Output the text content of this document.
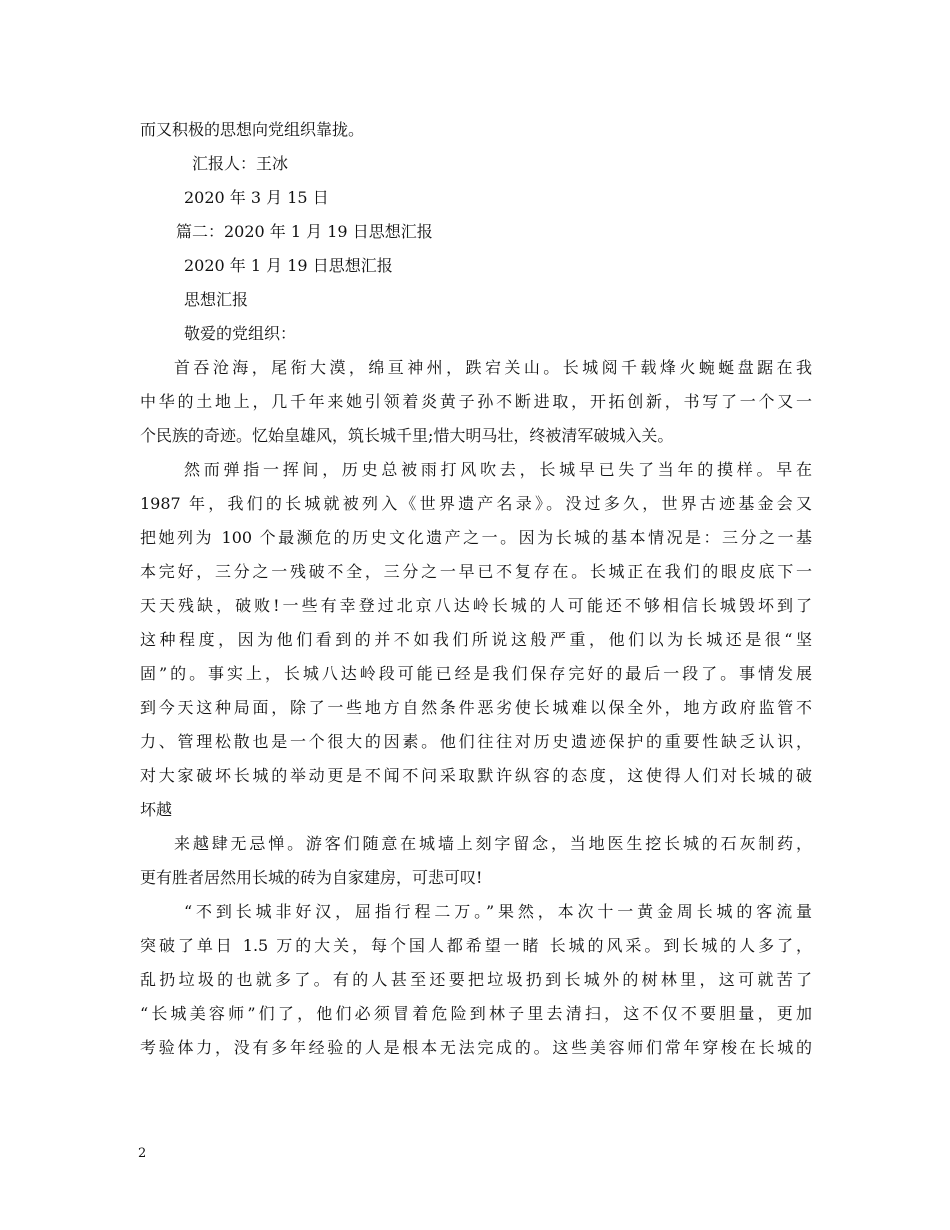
而又积极的思想向党组织靠拢。
汇报人：王冰
2020 年 3 月 15 日
篇二：2020 年 1 月 19 日思想汇报
2020 年 1 月 19 日思想汇报
思想汇报
敬爱的党组织：
首吞沧海，尾衔大漠，绵亘神州，跌宕关山。长城阅千载烽火蜿蜒盘踞在我
中华的土地上，几千年来她引领着炎黄子孙不断进取，开拓创新，书写了一个又一
个民族的奇迹。忆始皇雄风，筑长城千里;惜大明马壮，终被清军破城入关。
然而弹指一挥间，历史总被雨打风吹去，长城早已失了当年的摸样。早在
1987 年，我们的长城就被列入《世界遗产名录》。没过多久，世界古迹基金会又
把她列为 100 个最濒危的历史文化遗产之一。因为长城的基本情况是：三分之一基
本完好，三分之一残破不全，三分之一早已不复存在。长城正在我们的眼皮底下一
天天残缺，破败!一些有幸登过北京八达岭长城的人可能还不够相信长城毁坏到了
这种程度，因为他们看到的并不如我们所说这般严重，他们以为长城还是很“坚
固”的。事实上，长城八达岭段可能已经是我们保存完好的最后一段了。事情发展
到今天这种局面，除了一些地方自然条件恶劣使长城难以保全外，地方政府监管不
力、管理松散也是一个很大的因素。他们往往对历史遗迹保护的重要性缺乏认识，
对大家破坏长城的举动更是不闻不问采取默许纵容的态度，这使得人们对长城的破
坏越
来越肆无忌惮。游客们随意在城墙上刻字留念，当地医生挖长城的石灰制药，
更有胜者居然用长城的砖为自家建房，可悲可叹!
“不到长城非好汉，屈指行程二万。”果然，本次十一黄金周长城的客流量
突破了单日 1.5 万的大关，每个国人都希望一睹 长城的风采。到长城的人多了，
乱扔垃圾的也就多了。有的人甚至还要把垃圾扔到长城外的树林里，这可就苦了
“长城美容师”们了，他们必须冒着危险到林子里去清扫，这不仅不要胆量，更加
考验体力，没有多年经验的人是根本无法完成的。这些美容师们常年穿梭在长城的
2
